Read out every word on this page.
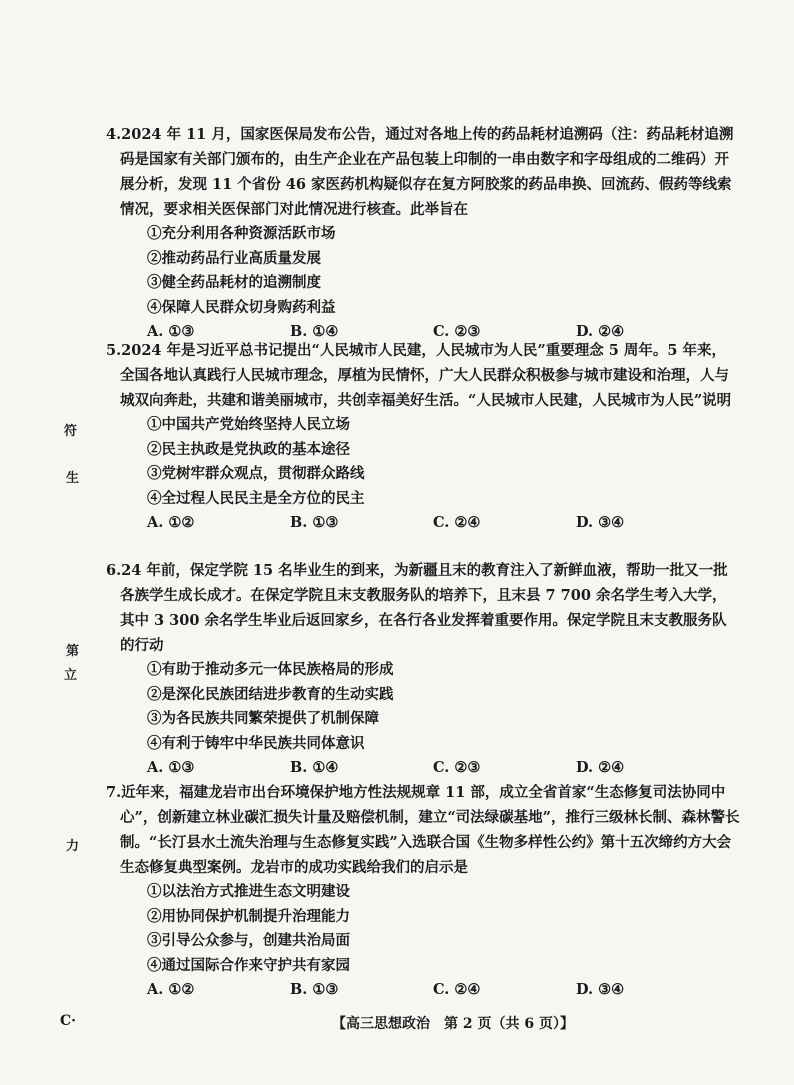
4.2024 年 11 月，国家医保局发布公告，通过对各地上传的药品耗材追溯码（注：药品耗材追溯码是国家有关部门颁布的，由生产企业在产品包装上印制的一串由数字和字母组成的二维码）开展分析，发现 11 个省份 46 家医药机构疑似存在复方阿胶浆的药品串换、回流药、假药等线索情况，要求相关医保部门对此情况进行核查。此举旨在

①充分利用各种资源活跃市场

②推动药品行业高质量发展

③健全药品耗材的追溯制度

④保障人民群众切身购药利益

A. ①③	B. ①④	C. ②③	D. ②④

5.2024 年是习近平总书记提出“人民城市人民建，人民城市为人民”重要理念 5 周年。5 年来，全国各地认真践行人民城市理念，厚植为民情怀，广大人民群众积极参与城市建设和治理，人与城双向奔赴，共建和谐美丽城市，共创幸福美好生活。“人民城市人民建，人民城市为人民”说明

①中国共产党始终坚持人民立场

②民主执政是党执政的基本途径

③党树牢群众观点，贯彻群众路线

④全过程人民民主是全方位的民主

A. ①②	B. ①③	C. ②④	D. ③④

6.24 年前，保定学院 15 名毕业生的到来，为新疆且末的教育注入了新鲜血液，帮助一批又一批各族学生成长成才。在保定学院且末支教服务队的培养下，且末县 7 700 余名学生考入大学，其中 3 300 余名学生毕业后返回家乡，在各行各业发挥着重要作用。保定学院且末支教服务队的行动

①有助于推动多元一体民族格局的形成

②是深化民族团结进步教育的生动实践

③为各民族共同繁荣提供了机制保障

④有利于铸牢中华民族共同体意识

A. ①③	B. ①④	C. ②③	D. ②④

7.近年来，福建龙岩市出台环境保护地方性法规规章 11 部，成立全省首家“生态修复司法协同中心”，创新建立林业碳汇损失计量及赔偿机制，建立“司法绿碳基地”，推行三级林长制、森林警长制。“长汀县水土流失治理与生态修复实践”入选联合国《生物多样性公约》第十五次缔约方大会生态修复典型案例。龙岩市的成功实践给我们的启示是

①以法治方式推进生态文明建设

②用协同保护机制提升治理能力

③引导公众参与，创建共治局面

④通过国际合作来守护共有家园

A. ①②	B. ①③	C. ②④	D. ③④
符
生
第
立
力
C·	【高三思想政治　第 2 页（共 6 页）】
